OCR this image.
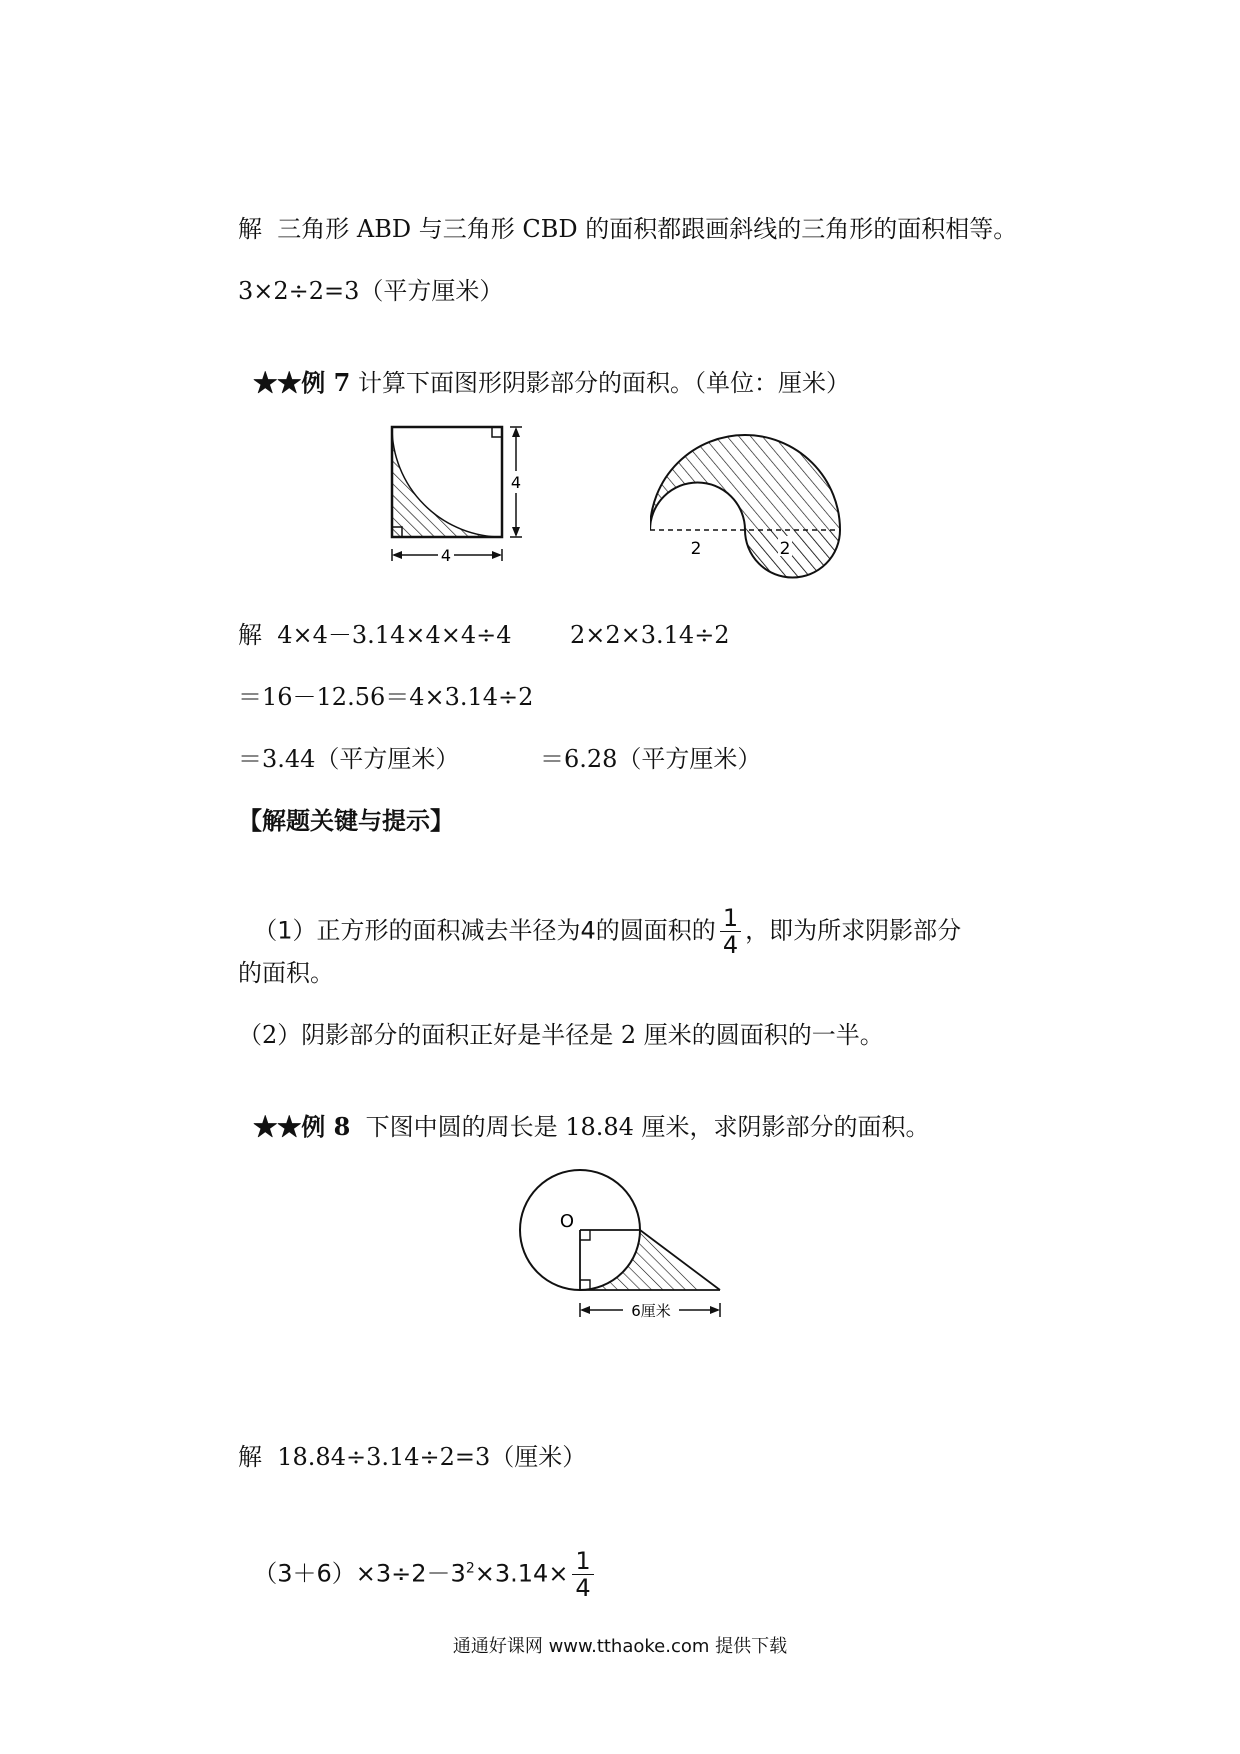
解  三角形 ABD 与三角形 CBD 的面积都跟画斜线的三角形的面积相等。
3×2÷2=3（平方厘米）

★★例 7 计算下面图形阴影部分的面积。（单位：厘米）

4
4	2	2
解  4×4－3.14×4×4÷4 2×2×3.14÷2
＝16－12.56＝4×3.14÷2
＝3.44（平方厘米）	＝6.28（平方厘米）
【解题关键与提示】

（1）正方形的面积减去半径为4的圆面积的 $\frac{1}{4}$ ，即为所求阴影部分

的面积。
（2）阴影部分的面积正好是半径是 2 厘米的圆面积的一半。

★★例 8  下图中圆的周长是 18.84 厘米，求阴影部分的面积。

O
6厘米
解  18.84÷3.14÷2=3（厘米）

$(3+6)\times 3\div 2-3^2\times 3.14\times \frac{1}{4}$

通通好课网 www.tthaoke.com 提供下载
